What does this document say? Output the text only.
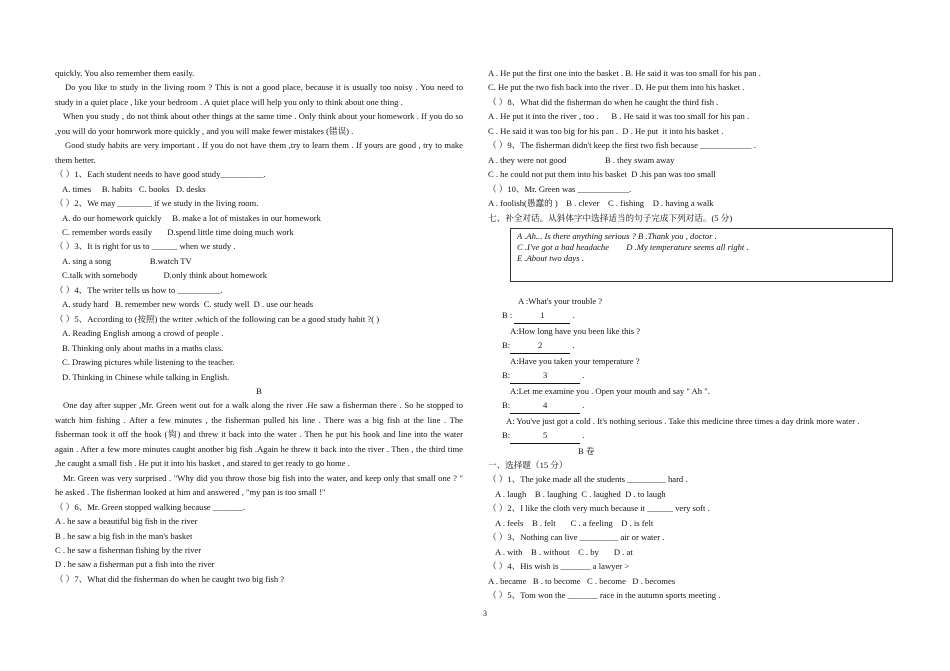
quickly. You also remember them easily.
Do you like to study in the living room ? This is not a good place, because it is usually too noisy . You need to study in a quiet place , like your bedroom . A quiet place will help you only to think about one thing .
When you study , do not think about other things at the same time . Only think about your homework . If you do so ,you will do your homrwork more quickly , and you will make fewer mistakes (错误) .
Good study habits are very important . If you do not have them ,try to learn them . If yours are good , try to make them better.
（ ）1、Each student needs to have good study__________.
A. times     B. habits   C. books   D. desks
（ ）2、We may ________ if we study in the living room.
A. do our homework quickly     B. make a lot of mistakes in our homework
C. remember words easily       D.spend little time doing much work
（ ）3、It is right for us to ______ when we study .
A. sing a song                  B.watch TV
C.talk with somebody            D.only think about homework
（ ）4、The writer tells us how to __________.
A. study hard   B. remember new words  C. study well  D . use our heads
（ ）5、According to (按照) the writer .which of the following can be a good study habit ?( )
A. Reading English among a crowd of people .
B. Thinking only about maths in a maths class.
C. Drawing pictures while listening to the teacher.
D. Thinking in Chinese while talking in English.
B
One day after supper ,Mr. Green went out for a walk along the river .He saw a fisherman there . So he stopped to watch him fishing . After a few minutes , the fisherman pulled his line . There was a big fish at the line . The fisherman took it off the hook (钩) and threw it back into the water . Then he put his hook and line into the water again . After a few more minutes caught another big fish .Again he threw it back into the river . Then , the third time ,he caught a small fish . He put it into his basket , and stared to get ready to go home .
Mr. Green was very surprised . "Why did you throw those big fish into the water, and keep only that small one ? " he asked . The fisherman looked at him and answered , "my pan is too small !"
（ ）6、Mr. Green stopped walking because _______.
A . he saw a beautiful big fish in the river
B . he saw a big fish in the man's basket
C . he saw a fisherman fishing by the river
D . he saw a fisherman put a fish into the river
（ ）7、What did the fisherman do when he caught two big fish ?
A . He put the first one into the basket . B. He said it was too small for his pan .
C. He put the two fish back into the river . D. He put them into his basket .
（ ）8、What did the fisherman do when he caught the third fish .
A . He put it into the river , too .      B . He said it was too small for his pan .
C . He said it was too big for his pan .  D . He put  it into his basket .
（ ）9、The fisherman didn't keep the first two fish because ____________ .
A . they were not good                  B . they swam away
C . he could not put them into his basket  D .his pan was too small
（ ）10、Mr. Green was ____________.
A . foolish(愚蠢的 )    B . clever    C . fishing    D . having a walk
七、补全对话。从斜体字中选择适当的句子完成下列对话。(5 分)
A .Ah... Is there anything serious ? B .Thank you , doctor .
C .I've got a bad headache        D .My temperature seems all right .
E .About two days .
A :What's your trouble ?
B :	1	.
A:How long have you been like this ?
B:	2	.
A:Have you taken your temperature ?
B:	3	.
A:Let me examine you . Open your mouth and say " Ah ".
B:	4	.
A: You've just got a cold . It's nothing serious . Take this medicine three times a day drink more water .
B:	5	.
B 卷
一、选择题（15 分）
（ ）1、The joke made all the students _________ hard .
A . laugh    B . laughing  C . laughed  D . to laugh
（ ）2、I like the cloth very much because it ______ very soft .
A . feels    B . felt       C . a feeling    D . is felt
（ ）3、Nothing can live _________ air or water .
A . with    B . without    C . by       D . at
（ ）4、His wish is _______ a lawyer >
A . became   B . to become   C . become   D . becomes
（ ）5、Tom won the _______ race in the autumn sports meeting .
3
